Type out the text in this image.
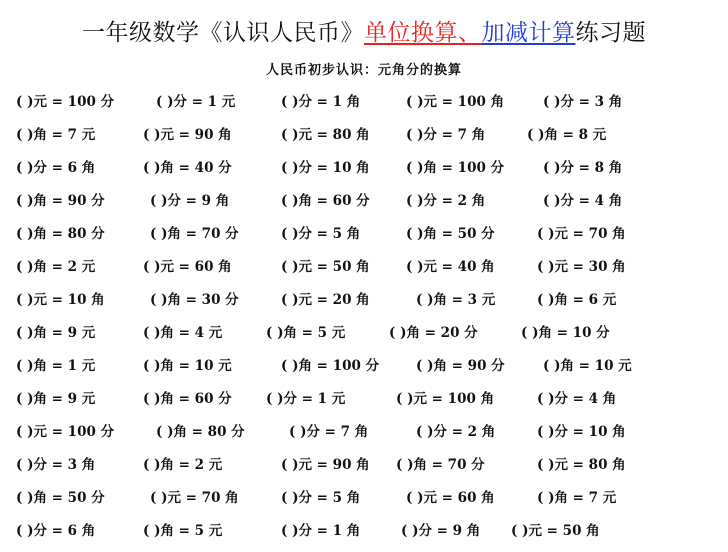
一年级数学《认识人民币》单位换算、加减计算练习题
人民币初步认识：元角分的换算
( )元 = 100 分	( )分 = 1 元	( )分 = 1 角	( )元 = 100 角	( )分 = 3 角
( )角 = 7 元	( )元 = 90 角	( )元 = 80 角	( )分 = 7 角	( )角 = 8 元
( )分 = 6 角	( )角 = 40 分	( )分 = 10 角	( )角 = 100 分	( )分 = 8 角
( )角 = 90 分	( )分 = 9 角	( )角 = 60 分	( )分 = 2 角	( )分 = 4 角
( )角 = 80 分	( )角 = 70 分	( )分 = 5 角	( )角 = 50 分	( )元 = 70 角
( )角 = 2 元	( )元 = 60 角	( )元 = 50 角	( )元 = 40 角	( )元 = 30 角
( )元 = 10 角	( )角 = 30 分	( )元 = 20 角	( )角 = 3 元	( )角 = 6 元
( )角 = 9 元	( )角 = 4 元	( )角 = 5 元	( )角 = 20 分	( )角 = 10 分
( )角 = 1 元	( )角 = 10 元	( )角 = 100 分	( )角 = 90 分	( )角 = 10 元
( )角 = 9 元	( )角 = 60 分	( )分 = 1 元	( )元 = 100 角	( )分 = 4 角
( )元 = 100 分	( )角 = 80 分	( )分 = 7 角	( )分 = 2 角	( )分 = 10 角
( )分 = 3 角	( )角 = 2 元	( )元 = 90 角 ( )角 = 70 分	( )元 = 80 角
( )角 = 50 分	( )元 = 70 角	( )分 = 5 角	( )元 = 60 角	( )角 = 7 元
( )分 = 6 角	( )角 = 5 元	( )分 = 1 角	( )分 = 9 角 ( )元 = 50 角
